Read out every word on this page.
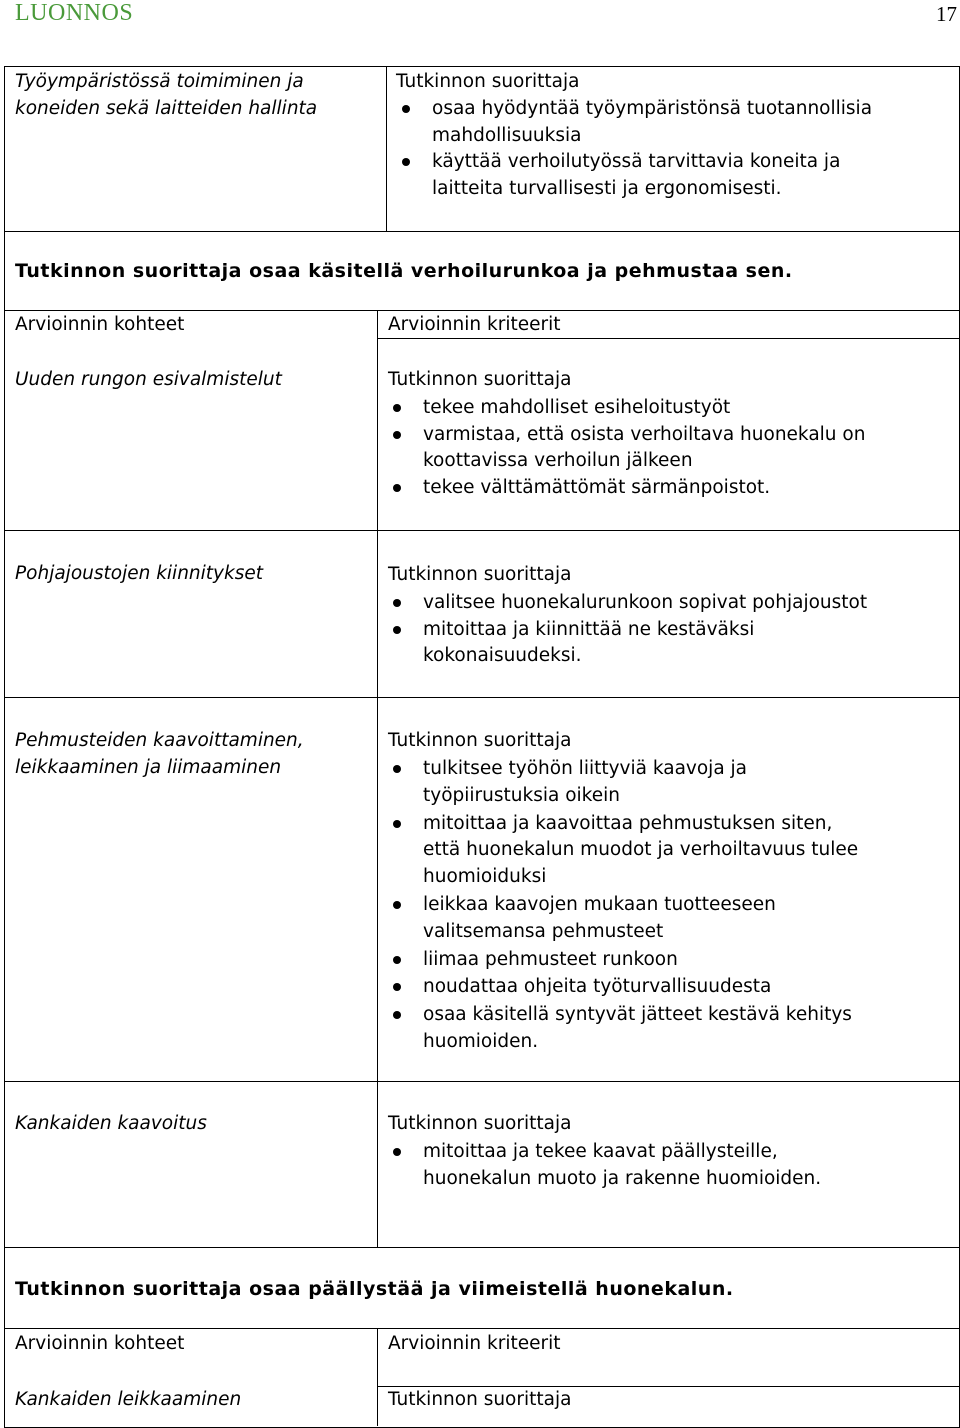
LUONNOS	17
Työympäristössä toimiminen ja
koneiden sekä laitteiden hallinta
Tutkinnon suorittaja
osaa hyödyntää työympäristönsä tuotannollisia
mahdollisuuksia
käyttää verhoilutyössä tarvittavia koneita ja
laitteita turvallisesti ja ergonomisesti.
Tutkinnon suorittaja osaa käsitellä verhoilurunkoa ja pehmustaa sen.
Arvioinnin kohteet	Arvioinnin kriteerit
Uuden rungon esivalmistelut	Tutkinnon suorittaja
tekee mahdolliset esiheloitustyöt
varmistaa, että osista verhoiltava huonekalu on
koottavissa verhoilun jälkeen
tekee välttämättömät särmänpoistot.
Pohjajoustojen kiinnitykset	Tutkinnon suorittaja
valitsee huonekalurunkoon sopivat pohjajoustot
mitoittaa ja kiinnittää ne kestäväksi
kokonaisuudeksi.
Pehmusteiden kaavoittaminen,
leikkaaminen ja liimaaminen
Tutkinnon suorittaja
tulkitsee työhön liittyviä kaavoja ja
työpiirustuksia oikein
mitoittaa ja kaavoittaa pehmustuksen siten,
että huonekalun muodot ja verhoiltavuus tulee
huomioiduksi
leikkaa kaavojen mukaan tuotteeseen
valitsemansa pehmusteet
liimaa pehmusteet runkoon
noudattaa ohjeita työturvallisuudesta
osaa käsitellä syntyvät jätteet kestävä kehitys
huomioiden.
Kankaiden kaavoitus	Tutkinnon suorittaja
mitoittaa ja tekee kaavat päällysteille,
huonekalun muoto ja rakenne huomioiden.
Tutkinnon suorittaja osaa päällystää ja viimeistellä huonekalun.
Arvioinnin kohteet	Arvioinnin kriteerit
Kankaiden leikkaaminen	Tutkinnon suorittaja
